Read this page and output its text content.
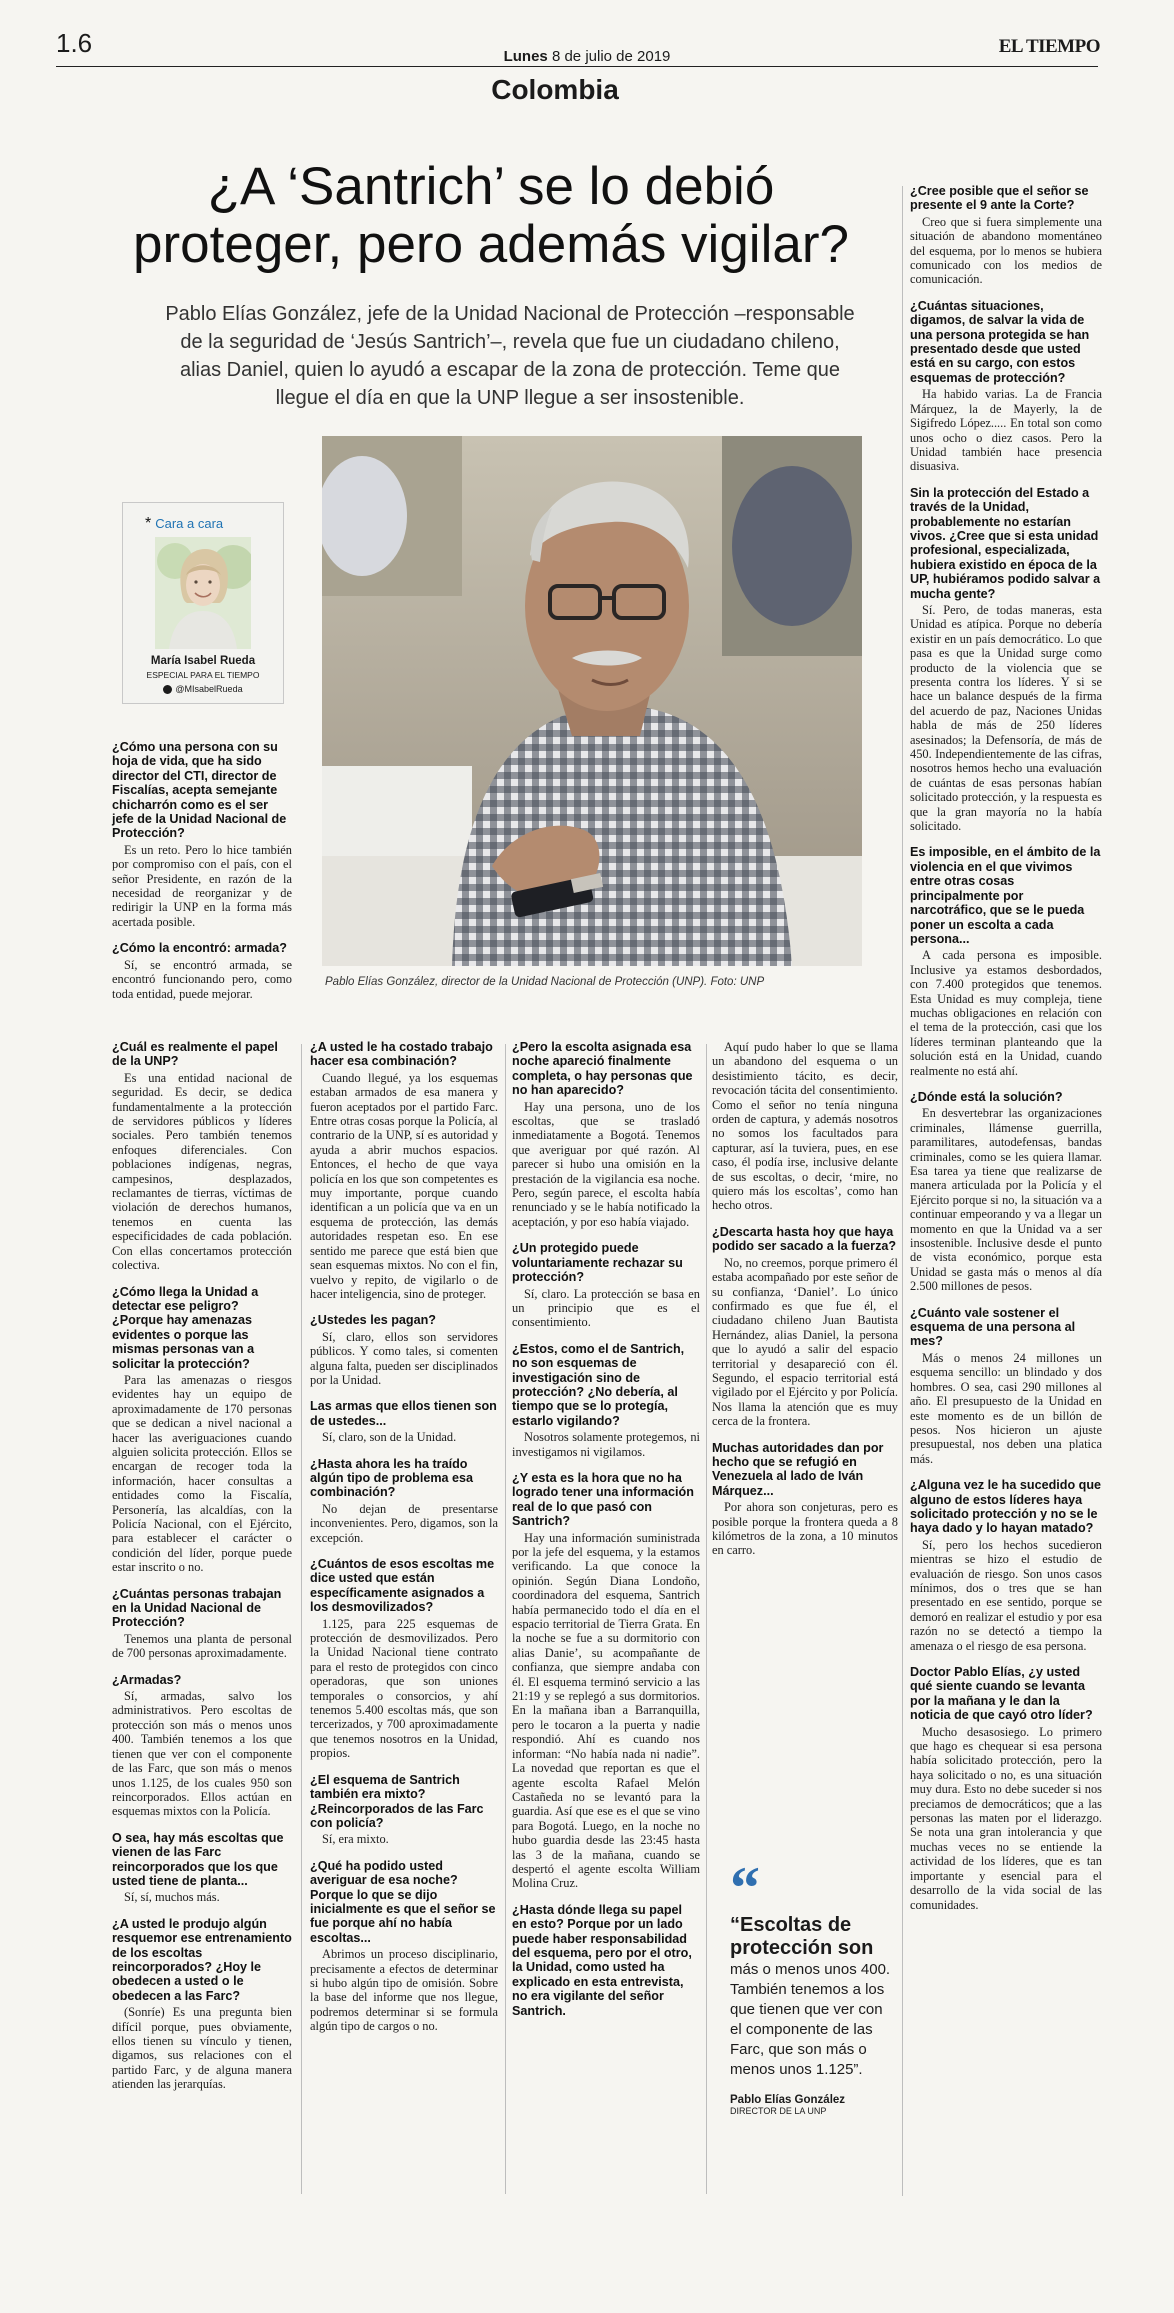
1.6	Lunes 8 de julio de 2019	EL TIEMPO
Colombia
¿A ‘Santrich’ se lo debió proteger, pero además vigilar?
Pablo Elías González, jefe de la Unidad Nacional de Protección –responsable de la seguridad de ‘Jesús Santrich’–, revela que fue un ciudadano chileno, alias Daniel, quien lo ayudó a escapar de la zona de protección. Teme que llegue el día en que la UNP llegue a ser insostenible.
* Cara a cara
María Isabel Rueda
ESPECIAL PARA EL TIEMPO
@MIsabelRueda
Pablo Elías González, director de la Unidad Nacional de Protección (UNP). Foto: UNP

¿Cómo una persona con su hoja de vida, que ha sido director del CTI, director de Fiscalías, acepta semejante chicharrón como es el ser jefe de la Unidad Nacional de Protección?

Es un reto. Pero lo hice también por compromiso con el país, con el señor Presidente, en razón de la necesidad de reorganizar y de redirigir la UNP en la forma más acertada posible.

¿Cómo la encontró: armada?

Sí, se encontró armada, se encontró funcionando pero, como toda entidad, puede mejorar.

¿Cuál es realmente el papel de la UNP?

Es una entidad nacional de seguridad. Es decir, se dedica fundamentalmente a la protección de servidores públicos y líderes sociales. Pero también tenemos enfoques diferenciales. Con poblaciones indígenas, negras, campesinos, desplazados, reclamantes de tierras, víctimas de violación de derechos humanos, tenemos en cuenta las especificidades de cada población. Con ellas concertamos protección colectiva.

¿Cómo llega la Unidad a detectar ese peligro? ¿Porque hay amenazas evidentes o porque las mismas personas van a solicitar la protección?

Para las amenazas o riesgos evidentes hay un equipo de aproximadamente de 170 personas que se dedican a nivel nacional a hacer las averiguaciones cuando alguien solicita protección. Ellos se encargan de recoger toda la información, hacer consultas a entidades como la Fiscalía, Personería, las alcaldías, con la Policía Nacional, con el Ejército, para establecer el carácter o condición del líder, porque puede estar inscrito o no.

¿Cuántas personas trabajan en la Unidad Nacional de Protección?

Tenemos una planta de personal de 700 personas aproximadamente.

¿Armadas?

Sí, armadas, salvo los administrativos. Pero escoltas de protección son más o menos unos 400. También tenemos a los que tienen que ver con el componente de las Farc, que son más o menos unos 1.125, de los cuales 950 son reincorporados. Ellos actúan en esquemas mixtos con la Policía.

O sea, hay más escoltas que vienen de las Farc reincorporados que los que usted tiene de planta...

Sí, sí, muchos más.

¿A usted le produjo algún resquemor ese entrenamiento de los escoltas reincorporados? ¿Hoy le obedecen a usted o le obedecen a las Farc?

(Sonríe) Es una pregunta bien difícil porque, pues obviamente, ellos tienen su vínculo y tienen, digamos, sus relaciones con el partido Farc, y de alguna manera atienden las jerarquías.

¿A usted le ha costado trabajo hacer esa combinación?

Cuando llegué, ya los esquemas estaban armados de esa manera y fueron aceptados por el partido Farc. Entre otras cosas porque la Policía, al contrario de la UNP, sí es autoridad y ayuda a abrir muchos espacios. Entonces, el hecho de que vaya policía en los que son competentes es muy importante, porque cuando identifican a un policía que va en un esquema de protección, las demás autoridades respetan eso. En ese sentido me parece que está bien que sean esquemas mixtos. No con el fin, vuelvo y repito, de vigilarlo o de hacer inteligencia, sino de proteger.

¿Ustedes les pagan?

Sí, claro, ellos son servidores públicos. Y como tales, si comenten alguna falta, pueden ser disciplinados por la Unidad.

Las armas que ellos tienen son de ustedes...

Sí, claro, son de la Unidad.

¿Hasta ahora les ha traído algún tipo de problema esa combinación?

No dejan de presentarse inconvenientes. Pero, digamos, son la excepción.

¿Cuántos de esos escoltas me dice usted que están específicamente asignados a los desmovilizados?

1.125, para 225 esquemas de protección de desmovilizados. Pero la Unidad Nacional tiene contrato para el resto de protegidos con cinco operadoras, que son uniones temporales o consorcios, y ahí tenemos 5.400 escoltas más, que son tercerizados, y 700 aproximadamente que tenemos nosotros en la Unidad, propios.

¿El esquema de Santrich también era mixto? ¿Reincorporados de las Farc con policía?

Sí, era mixto.

¿Qué ha podido usted averiguar de esa noche? Porque lo que se dijo inicialmente es que el señor se fue porque ahí no había escoltas...

Abrimos un proceso disciplinario, precisamente a efectos de determinar si hubo algún tipo de omisión. Sobre la base del informe que nos llegue, podremos determinar si se formula algún tipo de cargos o no.

¿Pero la escolta asignada esa noche apareció finalmente completa, o hay personas que no han aparecido?

Hay una persona, uno de los escoltas, que se trasladó inmediatamente a Bogotá. Tenemos que averiguar por qué razón. Al parecer si hubo una omisión en la prestación de la vigilancia esa noche. Pero, según parece, el escolta había renunciado y se le había notificado la aceptación, y por eso había viajado.

¿Un protegido puede voluntariamente rechazar su protección?

Sí, claro. La protección se basa en un principio que es el consentimiento.

¿Estos, como el de Santrich, no son esquemas de investigación sino de protección? ¿No debería, al tiempo que se lo protegía, estarlo vigilando?

Nosotros solamente protegemos, ni investigamos ni vigilamos.

¿Y esta es la hora que no ha logrado tener una información real de lo que pasó con Santrich?

Hay una información suministrada por la jefe del esquema, y la estamos verificando. La que conoce la opinión. Según Diana Londoño, coordinadora del esquema, Santrich había permanecido todo el día en el espacio territorial de Tierra Grata. En la noche se fue a su dormitorio con alias Danie’, su acompañante de confianza, que siempre andaba con él. El esquema terminó servicio a las 21:19 y se replegó a sus dormitorios. En la mañana iban a Barranquilla, pero le tocaron a la puerta y nadie respondió. Ahí es cuando nos informan: “No había nada ni nadie”. La novedad que reportan es que el agente escolta Rafael Melón Castañeda no se levantó para la guardia. Así que ese es el que se vino para Bogotá. Luego, en la noche no hubo guardia desde las 23:45 hasta las 3 de la mañana, cuando se despertó el agente escolta William Molina Cruz.

¿Hasta dónde llega su papel en esto? Porque por un lado puede haber responsabilidad del esquema, pero por el otro, la Unidad, como usted ha explicado en esta entrevista, no era vigilante del señor Santrich.

Aquí pudo haber lo que se llama un abandono del esquema o un desistimiento tácito, es decir, revocación tácita del consentimiento. Como el señor no tenía ninguna orden de captura, y además nosotros no somos los facultados para capturar, así la tuviera, pues, en ese caso, él podía irse, inclusive delante de sus escoltas, o decir, ‘mire, no quiero más los escoltas’, como han hecho otros.

¿Descarta hasta hoy que haya podido ser sacado a la fuerza?

No, no creemos, porque primero él estaba acompañado por este señor de su confianza, ‘Daniel’. Lo único confirmado es que fue él, el ciudadano chileno Juan Bautista Hernández, alias Daniel, la persona que lo ayudó a salir del espacio territorial y desapareció con él. Segundo, el espacio territorial está vigilado por el Ejército y por Policía. Nos llama la atención que es muy cerca de la frontera.

Muchas autoridades dan por hecho que se refugió en Venezuela al lado de Iván Márquez...

Por ahora son conjeturas, pero es posible porque la frontera queda a 8 kilómetros de la zona, a 10 minutos en carro.

“
“Escoltas de protección son
más o menos unos 400. También tenemos a los que tienen que ver con el componente de las Farc, que son más o menos unos 1.125”.
Pablo Elías González
DIRECTOR DE LA UNP

¿Cree posible que el señor se presente el 9 ante la Corte?

Creo que si fuera simplemente una situación de abandono momentáneo del esquema, por lo menos se hubiera comunicado con los medios de comunicación.

¿Cuántas situaciones, digamos, de salvar la vida de una persona protegida se han presentado desde que usted está en su cargo, con estos esquemas de protección?

Ha habido varias. La de Francia Márquez, la de Mayerly, la de Sigifredo López..... En total son como unos ocho o diez casos. Pero la Unidad también hace presencia disuasiva.

Sin la protección del Estado a través de la Unidad, probablemente no estarían vivos. ¿Cree que si esta unidad profesional, especializada, hubiera existido en época de la UP, hubiéramos podido salvar a mucha gente?

Sí. Pero, de todas maneras, esta Unidad es atípica. Porque no debería existir en un país democrático. Lo que pasa es que la Unidad surge como producto de la violencia que se presenta contra los líderes. Y si se hace un balance después de la firma del acuerdo de paz, Naciones Unidas habla de más de 250 líderes asesinados; la Defensoría, de más de 450. Independientemente de las cifras, nosotros hemos hecho una evaluación de cuántas de esas personas habían solicitado protección, y la respuesta es que la gran mayoría no la había solicitado.

Es imposible, en el ámbito de la violencia en el que vivimos entre otras cosas principalmente por narcotráfico, que se le pueda poner un escolta a cada persona...

A cada persona es imposible. Inclusive ya estamos desbordados, con 7.400 protegidos que tenemos. Esta Unidad es muy compleja, tiene muchas obligaciones en relación con el tema de la protección, casi que los líderes terminan planteando que la solución está en la Unidad, cuando realmente no está ahí.

¿Dónde está la solución?

En desvertebrar las organizaciones criminales, llámense guerrilla, paramilitares, autodefensas, bandas criminales, como se les quiera llamar. Esa tarea ya tiene que realizarse de manera articulada por la Policía y el Ejército porque si no, la situación va a continuar empeorando y va a llegar un momento en que la Unidad va a ser insostenible. Inclusive desde el punto de vista económico, porque esta Unidad se gasta más o menos al día 2.500 millones de pesos.

¿Cuánto vale sostener el esquema de una persona al mes?

Más o menos 24 millones un esquema sencillo: un blindado y dos hombres. O sea, casi 290 millones al año. El presupuesto de la Unidad en este momento es de un billón de pesos. Nos hicieron un ajuste presupuestal, nos deben una platica más.

¿Alguna vez le ha sucedido que alguno de estos líderes haya solicitado protección y no se le haya dado y lo hayan matado?

Sí, pero los hechos sucedieron mientras se hizo el estudio de evaluación de riesgo. Son unos casos mínimos, dos o tres que se han presentado en ese sentido, porque se demoró en realizar el estudio y por esa razón no se detectó a tiempo la amenaza o el riesgo de esa persona.

Doctor Pablo Elías, ¿y usted qué siente cuando se levanta por la mañana y le dan la noticia de que cayó otro líder?

Mucho desasosiego. Lo primero que hago es chequear si esa persona había solicitado protección, pero la haya solicitado o no, es una situación muy dura. Esto no debe suceder si nos preciamos de democráticos; que a las personas las maten por el liderazgo. Se nota una gran intolerancia y que muchas veces no se entiende la actividad de los líderes, que es tan importante y esencial para el desarrollo de la vida social de las comunidades.
